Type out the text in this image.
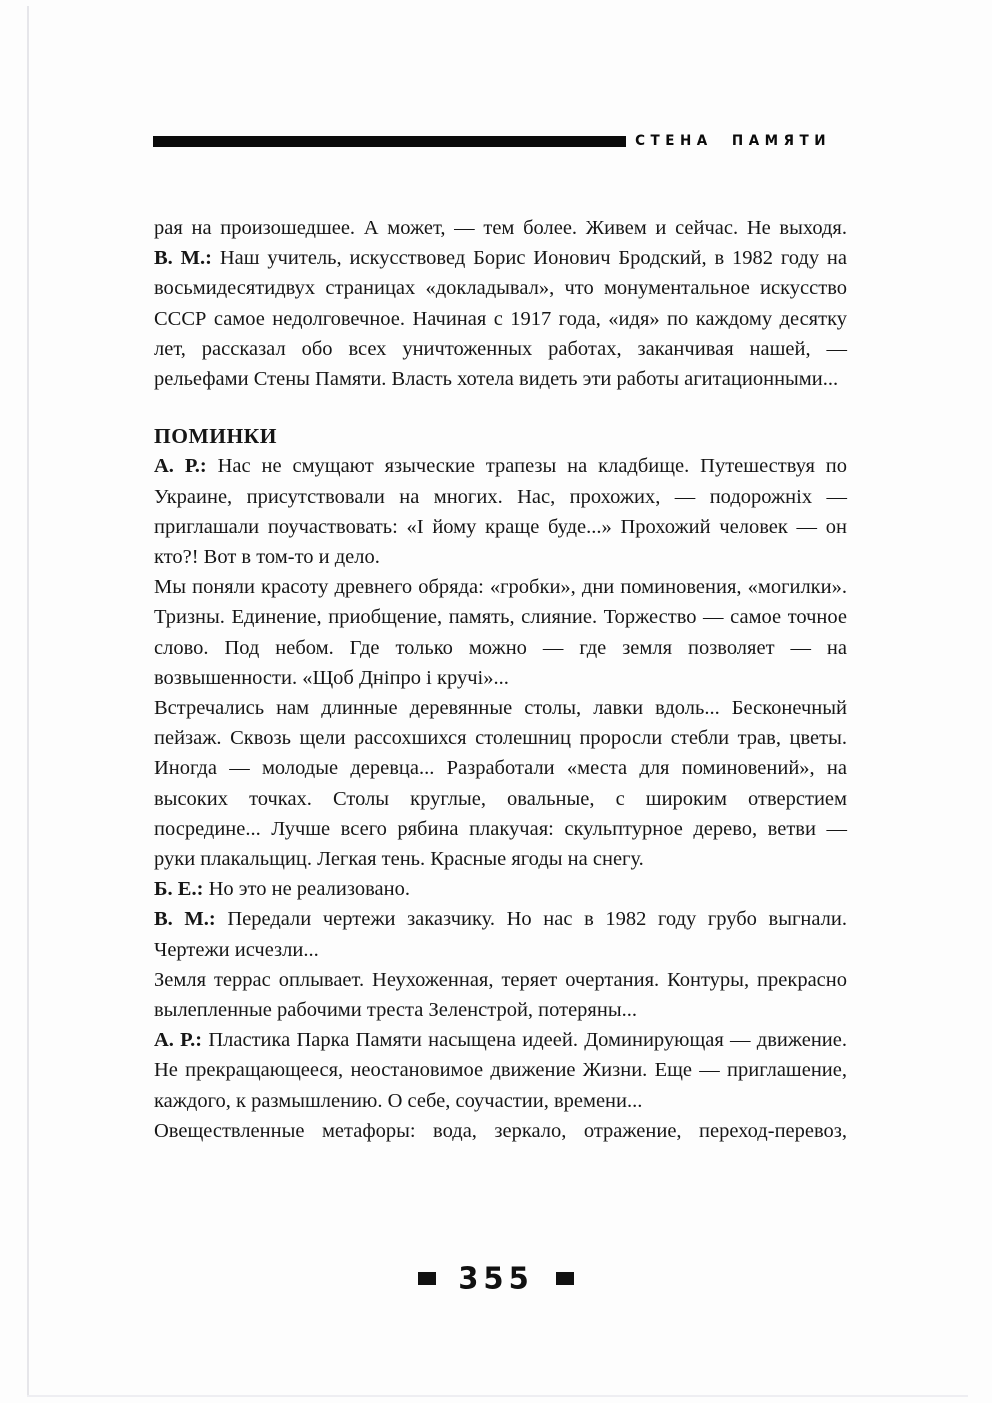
СТЕНА ПАМЯТИ

рая на произошедшее. А может, — тем более. Живем и сейчас. Не выходя.

В. М.: Наш учитель, искусствовед Борис Ионович Бродский, в 1982 году на восьмидесятидвух страницах «докладывал», что монументальное искусство СССР самое недолговечное. Начиная с 1917 года, «идя» по каждому десятку лет, рассказал обо всех уничтоженных работах, заканчивая нашей, — рельефами Стены Памяти. Власть хотела видеть эти работы агитационными...

ПОМИНКИ

А. Р.: Нас не смущают языческие трапезы на кладбище. Путешествуя по Украине, присутствовали на многих. Нас, прохожих, — подорожніх — приглашали поучаствовать: «І йому краще буде...» Прохожий человек — он кто?! Вот в том-то и дело.

Мы поняли красоту древнего обряда: «гробки», дни поминовения, «могилки». Тризны. Единение, приобщение, память, слияние. Торжество — самое точное слово. Под небом. Где только можно — где земля позволяет — на возвышенности. «Щоб Дніпро і кручі»...

Встречались нам длинные деревянные столы, лавки вдоль... Бесконечный пейзаж. Сквозь щели рассохшихся столешниц проросли стебли трав, цветы. Иногда — молодые деревца... Разработали «места для поминовений», на высоких точках. Столы круглые, овальные, с широким отверстием посредине... Лучше всего рябина плакучая: скульптурное дерево, ветви — руки плакальщиц. Легкая тень. Красные ягоды на снегу.

Б. Е.: Но это не реализовано.

В. М.: Передали чертежи заказчику. Но нас в 1982 году грубо выгнали. Чертежи исчезли...

Земля террас оплывает. Неухоженная, теряет очертания. Контуры, прекрасно вылепленные рабочими треста Зеленстрой, потеряны...

А. Р.: Пластика Парка Памяти насыщена идеей. Доминирующая — движение. Не прекращающееся, неостановимое движение Жизни. Еще — приглашение, каждого, к размышлению. О себе, соучастии, времени...

Овеществленные метафоры: вода, зеркало, отражение, переход-перевоз,

355
